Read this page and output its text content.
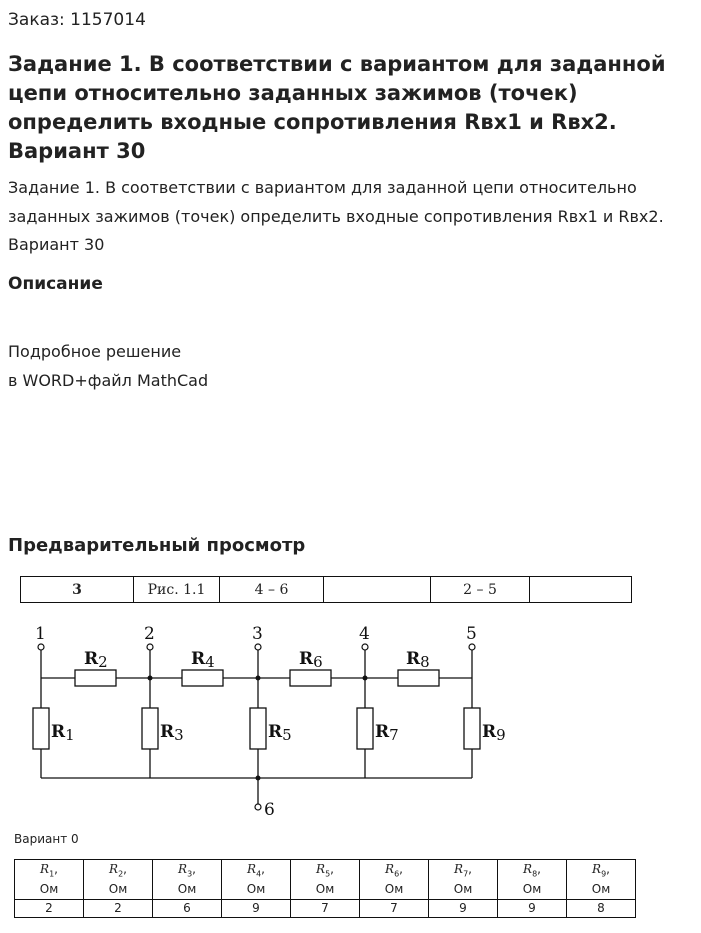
Заказ: 1157014
Задание 1. В соответствии с вариантом для заданной цепи относительно заданных зажимов (точек) определить входные сопротивления Rвх1 и Rвх2. Вариант 30

Задание 1. В соответствии с вариантом для заданной цепи относительно заданных зажимов (точек) определить входные сопротивления Rвх1 и Rвх2. Вариант 30

Описание
Подробное решение
в WORD+файл MathCad
Предварительный просмотр
3	Рис. 1.1	4 – 6		2 – 5	
1	2	3	4	5
6
R1
R2
R3
R4
R5
R6
R7
R8
R9

Вариант 0

$R_1$,
Ом	$R_2$,
Ом	$R_3$,
Ом	$R_4$,
Ом	$R_5$,
Ом	$R_6$,
Ом	$R_7$,
Ом	$R_8$,
Ом	$R_9$,
Ом
2	2	6	9	7	7	9	9	8
